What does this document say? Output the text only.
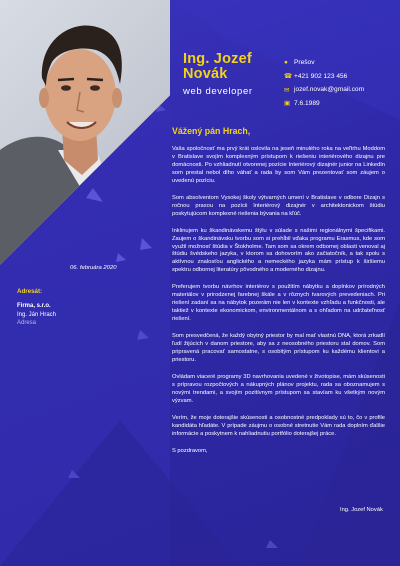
Ing. Jozef
Novák
web developer
● Prešov
☎ +421 902 123 456
✉ jozef.novak@gmail.com
▣ 7.6.1989
06. februára 2020
Adresát:
Firma, s.r.o.
Ing. Ján Hrach
Adresa
Vážený pán Hrach,

Vaša spoločnosť ma prvý krát oslovila na jeseň minulého roka na veľtrhu Moddom v Bratislave svojím komplexným prístupom k riešeniu interiérového dizajnu pre domácnosti. Po vzhliadnutí otvorenej pozície Interiérový dizajnér junior na LinkedIn som prestal nebol dlho váhať a rada by som Vám prezentovať som záujem o uvedenú pozíciu.

Som absolventom Vysokej školy výtvarných umení v Bratislave v odbore Dizajn s ročnou praxou na pozícii Interiérový dizajnér v architektonickom štúdiu poskytujúcom komplexné riešenia bývania na kľúč.

Inklinujem ku škandinávskemu štýlu v súlade s našimi regionálnymi špecifikami. Zaujem o škandinávsku tvorbu som si prehĺbil vďaka programu Erasmus, kde som využil možnosť štúdia v Štokholme. Tam som sa okrem odbornej oblasti venoval aj štúdiu švédskeho jazyka, v ktorom sa dohovorím ako začiatočník, a tak spolu s aktívnou znalosťou anglického a nemeckého jazyka mám prístup k širšiemu spektru odbornej literatúry pôvodného a moderného dizajnu.

Preferujem tvorbu návrhov interiérov s použitím nábytku a doplnkov prírodných materiálov v prirodzenej farebnej škále a v rôznych tvarových prevedeniach. Pri riešení zadaní sa na nábytok pozerám nie len v kontexte vzhľadu a funkčnosti, ale taktiež v kontexte ekonomickom, environmentálnom a s ohľadom na udržateľnosť riešení.

Som presvedčená, že každý obytný priestor by mal mať vlastnú DNA, ktorá zrkadlí ľudí žijúcich v danom priestore, aby sa z neosobného priestoru stal domov. Som pripravená pracovať samostatne, s osobitým prístupom ku každému klientovi a priestoru.

Ovládam viaceré programy 3D navrhovania uvedené v životopise, mám skúsenosti s prípravou rozpočtových a nákupných plánov projektu, rada sa oboznamujem s novými trendami, a svojím pozitívnym prístupom sa stavíam ku všetkým novým výzvam.

Verím, že moje doterajšie skúsenosti a osobnostné predpoklady sú to, čo v profile kandidáta hľadáte. V prípade záujmu o osobné stretnutie Vám rada doplním ďalšie informácie a poskytnem k nahliadnutiu portfólio doterajšej práce.

S pozdravom,

Ing. Jozef Novák
